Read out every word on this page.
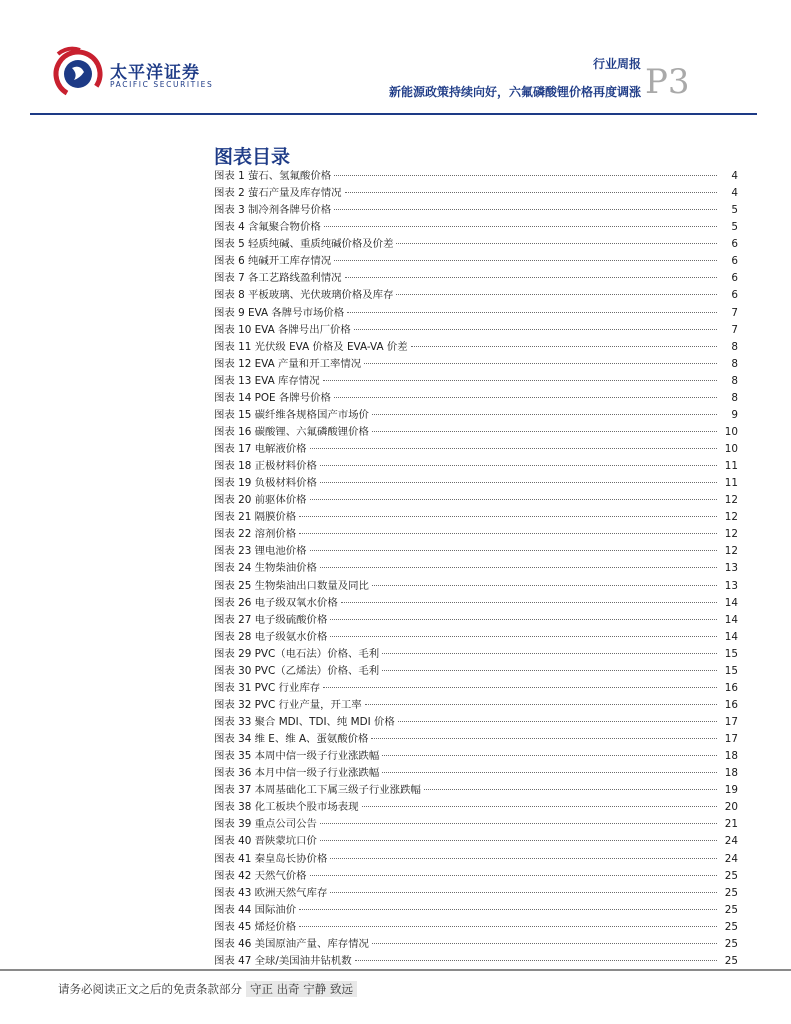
太平洋证券
PACIFIC SECURITIES
行业周报
新能源政策持续向好，六氟磷酸锂价格再度调涨 P3
图表目录
图表 1 萤石、氢氟酸价格	4
图表 2 萤石产量及库存情况	4
图表 3 制冷剂各牌号价格	5
图表 4 含氟聚合物价格	5
图表 5 轻质纯碱、重质纯碱价格及价差	6
图表 6 纯碱开工库存情况	6
图表 7 各工艺路线盈利情况	6
图表 8 平板玻璃、光伏玻璃价格及库存	6
图表 9 EVA 各牌号市场价格	7
图表 10 EVA 各牌号出厂价格	7
图表 11 光伏级 EVA 价格及 EVA-VA 价差	8
图表 12 EVA 产量和开工率情况	8
图表 13 EVA 库存情况	8
图表 14 POE 各牌号价格	8
图表 15 碳纤维各规格国产市场价	9
图表 16 碳酸锂、六氟磷酸锂价格	10
图表 17 电解液价格	10
图表 18 正极材料价格	11
图表 19 负极材料价格	11
图表 20 前驱体价格	12
图表 21 隔膜价格	12
图表 22 溶剂价格	12
图表 23 锂电池价格	12
图表 24 生物柴油价格	13
图表 25 生物柴油出口数量及同比	13
图表 26 电子级双氧水价格	14
图表 27 电子级硫酸价格	14
图表 28 电子级氨水价格	14
图表 29 PVC（电石法）价格、毛利	15
图表 30 PVC（乙烯法）价格、毛利	15
图表 31 PVC 行业库存	16
图表 32 PVC 行业产量，开工率	16
图表 33 聚合 MDI、TDI、纯 MDI 价格	17
图表 34 维 E、维 A、蛋氨酸价格	17
图表 35 本周中信一级子行业涨跌幅	18
图表 36 本月中信一级子行业涨跌幅	18
图表 37 本周基础化工下属三级子行业涨跌幅	19
图表 38 化工板块个股市场表现	20
图表 39 重点公司公告	21
图表 40 晋陕蒙坑口价	24
图表 41 秦皇岛长协价格	24
图表 42 天然气价格	25
图表 43 欧洲天然气库存	25
图表 44 国际油价	25
图表 45 烯烃价格	25
图表 46 美国原油产量、库存情况	25
图表 47 全球/美国油井钻机数	25
请务必阅读正文之后的免责条款部分 守正 出奇 宁静 致远
